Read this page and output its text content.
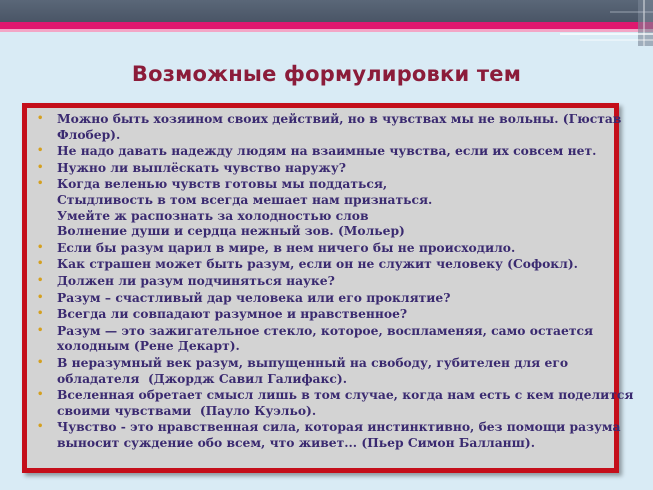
Возможные формулировки тем
• Можно быть хозяином своих действий, но в чувствах мы не вольны. (Гюстав
Флобер).
• Не надо давать надежду людям на взаимные чувства, если их совсем нет.
• Нужно ли выплёскать чувство наружу?
• Когда веленью чувств готовы мы поддаться,
Стыдливость в том всегда мешает нам признаться.
Умейте ж распознать за холодностью слов
Волнение души и сердца нежный зов. (Мольер)
• Если бы разум царил в мире, в нем ничего бы не происходило.
• Как страшен может быть разум, если он не служит человеку (Софокл).
• Должен ли разум подчиняться науке?
• Разум – счастливый дар человека или его проклятие?
• Всегда ли совпадают разумное и нравственное?
• Разум — это зажигательное стекло, которое, воспламеняя, само остается
холодным (Рене Декарт).
• В неразумный век разум, выпущенный на свободу, губителен для его
обладателя  (Джордж Савил Галифакс).
• Вселенная обретает смысл лишь в том случае, когда нам есть с кем поделится
своими чувствами  (Пауло Куэльо).
• Чувство - это нравственная сила, которая инстинктивно, без помощи разума
выносит суждение обо всем, что живет... (Пьер Симон Балланш).
